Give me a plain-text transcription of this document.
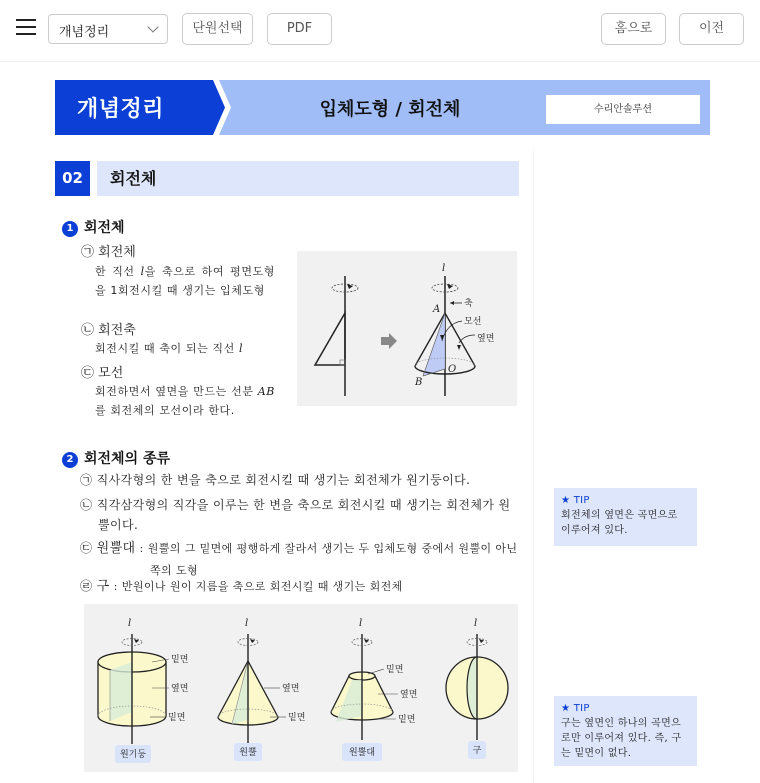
개념정리	단원선택	PDF	홈으로	이전
개념정리	입체도형 / 회전체	수리안솔루션
02	회전체
1 회전체
㉠ 회전체
한 직선 l을 축으로 하여 평면도형을 1회전시킬 때 생기는 입체도형
㉡ 회전축
회전시킬 때 축이 되는 직선 l
㉢ 모선
회전하면서 옆면을 만드는 선분 AB를 회전체의 모선이라 한다.
l
A
B
O
축
모선
옆면
2 회전체의 종류
㉠ 직사각형의 한 변을 축으로 회전시킬 때 생기는 회전체가 원기둥이다.
㉡ 직각삼각형의 직각을 이루는 한 변을 축으로 회전시킬 때 생기는 회전체가 원뿔이다.
㉢ 원뿔대 : 원뿔의 그 밑면에 평행하게 잘라서 생기는 두 입체도형 중에서 원뿔이 아닌 쪽의 도형
㉣ 구 : 반원이나 원이 지름을 축으로 회전시킬 때 생기는 회전체
l
밑면
옆면
밑면
원기둥
l
옆면
밑면
원뿔
l
밑면
옆면
밑면
원뿔대
l
구
★ TIP
회전체의 옆면은 곡면으로 이루어져 있다.
★ TIP
구는 옆면인 하나의 곡면으로만 이루어져 있다. 즉, 구는 밑면이 없다.
